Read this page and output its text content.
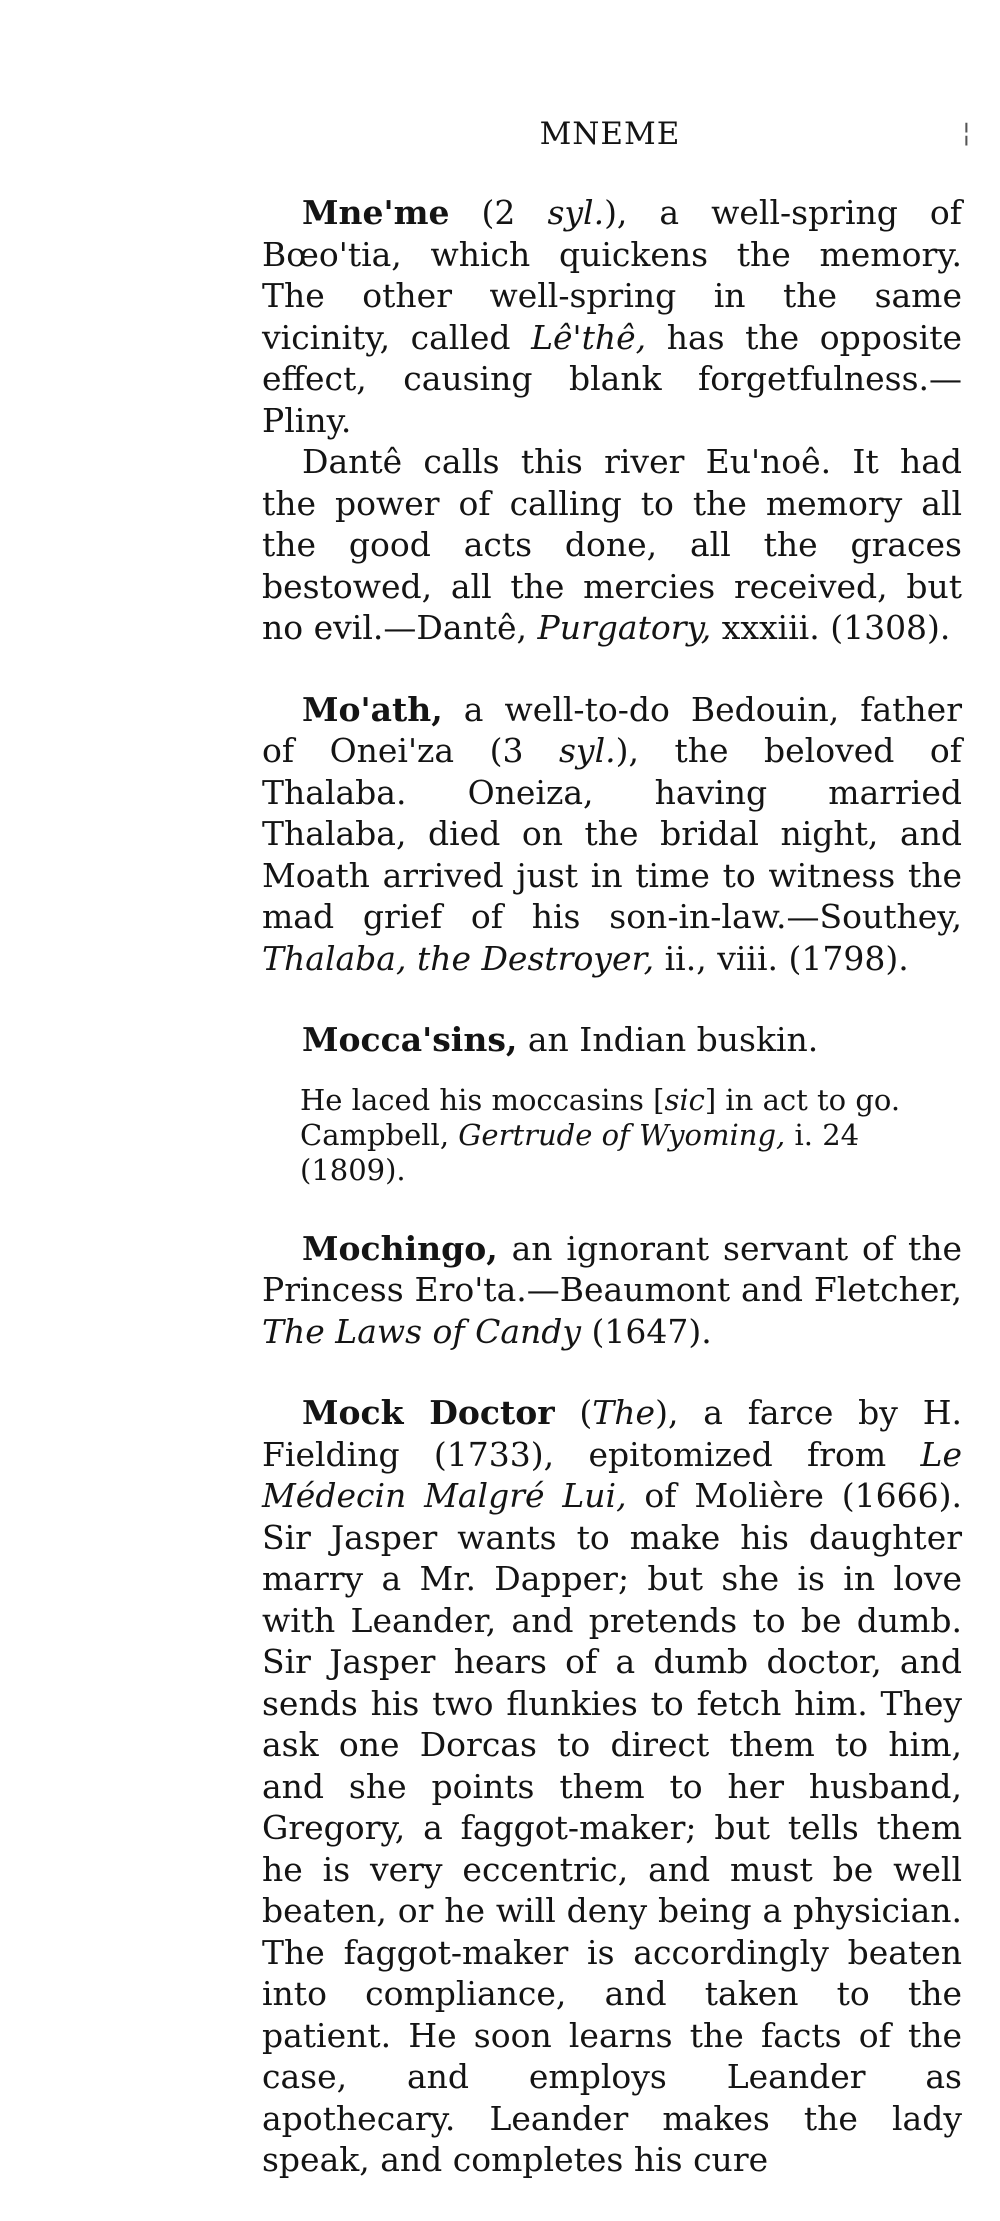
MNEME	¦

Mne'me (2 syl.), a well-spring of Bœo'tia, which quickens the memory. The other well-spring in the same vicinity, called Lê'thê, has the opposite effect, causing blank forgetfulness.—Pliny.

Dantê calls this river Eu'noê. It had the power of calling to the memory all the good acts done, all the graces bestowed, all the mercies received, but no evil.—Dantê, Purgatory, xxxiii. (1308).

Mo'ath, a well-to-do Bedouin, father of Onei'za (3 syl.), the beloved of Thalaba. Oneiza, having married Thalaba, died on the bridal night, and Moath arrived just in time to witness the mad grief of his son-in-law.—Southey, Thalaba, the Destroyer, ii., viii. (1798).

Mocca'sins, an Indian buskin.

He laced his moccasins [sic] in act to go.
Campbell, Gertrude of Wyoming, i. 24 (1809).

Mochingo, an ignorant servant of the Princess Ero'ta.—Beaumont and Fletcher, The Laws of Candy (1647).

Mock Doctor (The), a farce by H. Fielding (1733), epitomized from Le Médecin Malgré Lui, of Molière (1666). Sir Jasper wants to make his daughter marry a Mr. Dapper; but she is in love with Leander, and pretends to be dumb. Sir Jasper hears of a dumb doctor, and sends his two flunkies to fetch him. They ask one Dorcas to direct them to him, and she points them to her husband, Gregory, a faggot-maker; but tells them he is very eccentric, and must be well beaten, or he will deny being a physician. The faggot-maker is accordingly beaten into compliance, and taken to the patient. He soon learns the facts of the case, and employs Leander as apothecary. Leander makes the lady speak, and completes his cure
